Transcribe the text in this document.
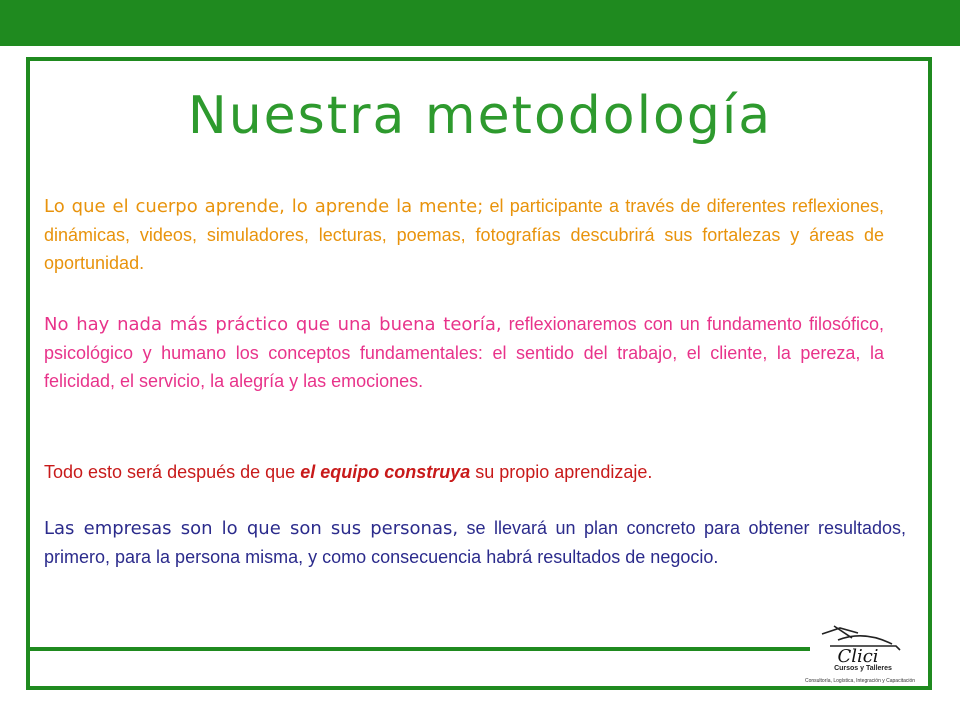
Nuestra metodología

Lo que el cuerpo aprende, lo aprende la mente; el participante a través de diferentes reflexiones, dinámicas, videos, simuladores, lecturas, poemas, fotografías descubrirá sus fortalezas y áreas de oportunidad.

No hay nada más práctico que una buena teoría, reflexionaremos con un fundamento filosófico, psicológico y humano los conceptos fundamentales: el sentido del trabajo, el cliente, la pereza, la felicidad, el servicio, la alegría y las emociones.

Todo esto será después de que el equipo construya su propio aprendizaje.

Las empresas son lo que son sus personas, se llevará un plan concreto para obtener resultados, primero, para la persona misma, y como consecuencia habrá resultados de negocio.

Clici
Cursos y Talleres
Consultoría, Logística, Integración y Capacitación
